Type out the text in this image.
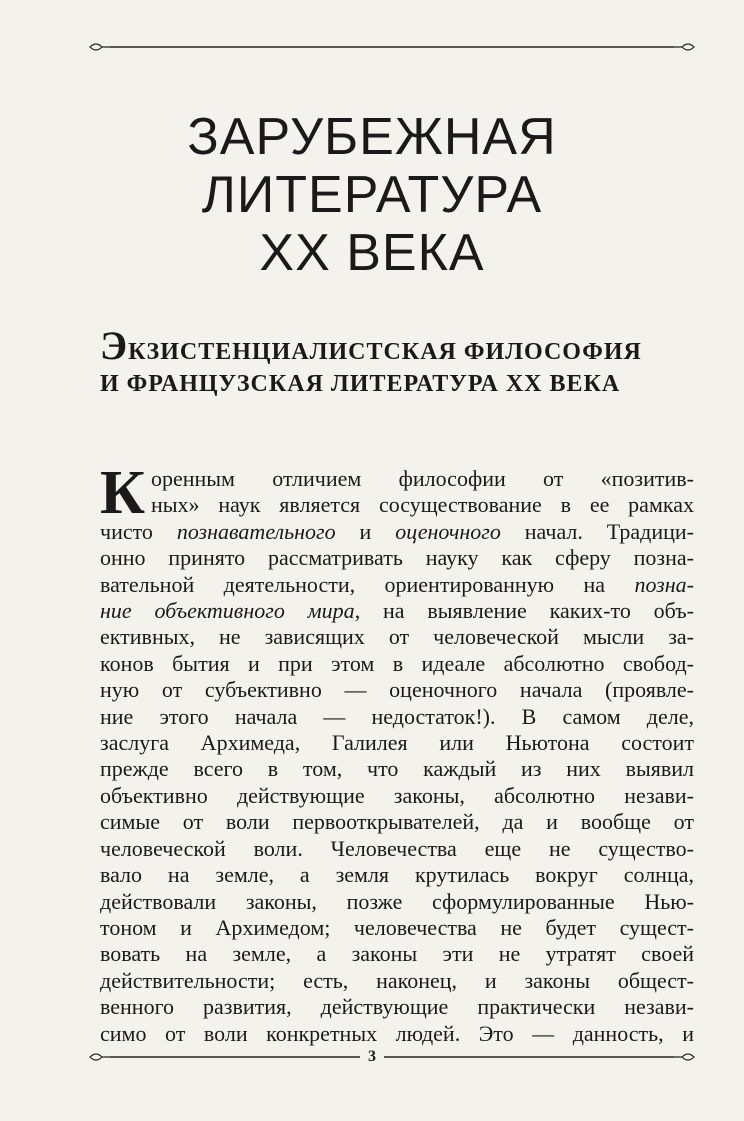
ЗАРУБЕЖНАЯ
ЛИТЕРАТУРА
XX ВЕКА
ЭКЗИСТЕНЦИАЛИСТСКАЯ ФИЛОСОФИЯ
И ФРАНЦУЗСКАЯ ЛИТЕРАТУРА XX ВЕКА
К оренным отличием философии от «позитив-
ных» наук является сосуществование в ее рамках
чисто познавательного и оценочного начал. Традици-
онно принято рассматривать науку как сферу позна-
вательной деятельности, ориентированную на позна-
ние объективного мира, на выявление каких-то объ-
ективных, не зависящих от человеческой мысли за-
конов бытия и при этом в идеале абсолютно свобод-
ную от субъективно — оценочного начала (проявле-
ние этого начала — недостаток!). В самом деле,
заслуга Архимеда, Галилея или Ньютона состоит
прежде всего в том, что каждый из них выявил
объективно действующие законы, абсолютно незави-
симые от воли первооткрывателей, да и вообще от
человеческой воли. Человечества еще не существо-
вало на земле, а земля крутилась вокруг солнца,
действовали законы, позже сформулированные Нью-
тоном и Архимедом; человечества не будет сущест-
вовать на земле, а законы эти не утратят своей
действительности; есть, наконец, и законы общест-
венного развития, действующие практически незави-
симо от воли конкретных людей. Это — данность, и
3
